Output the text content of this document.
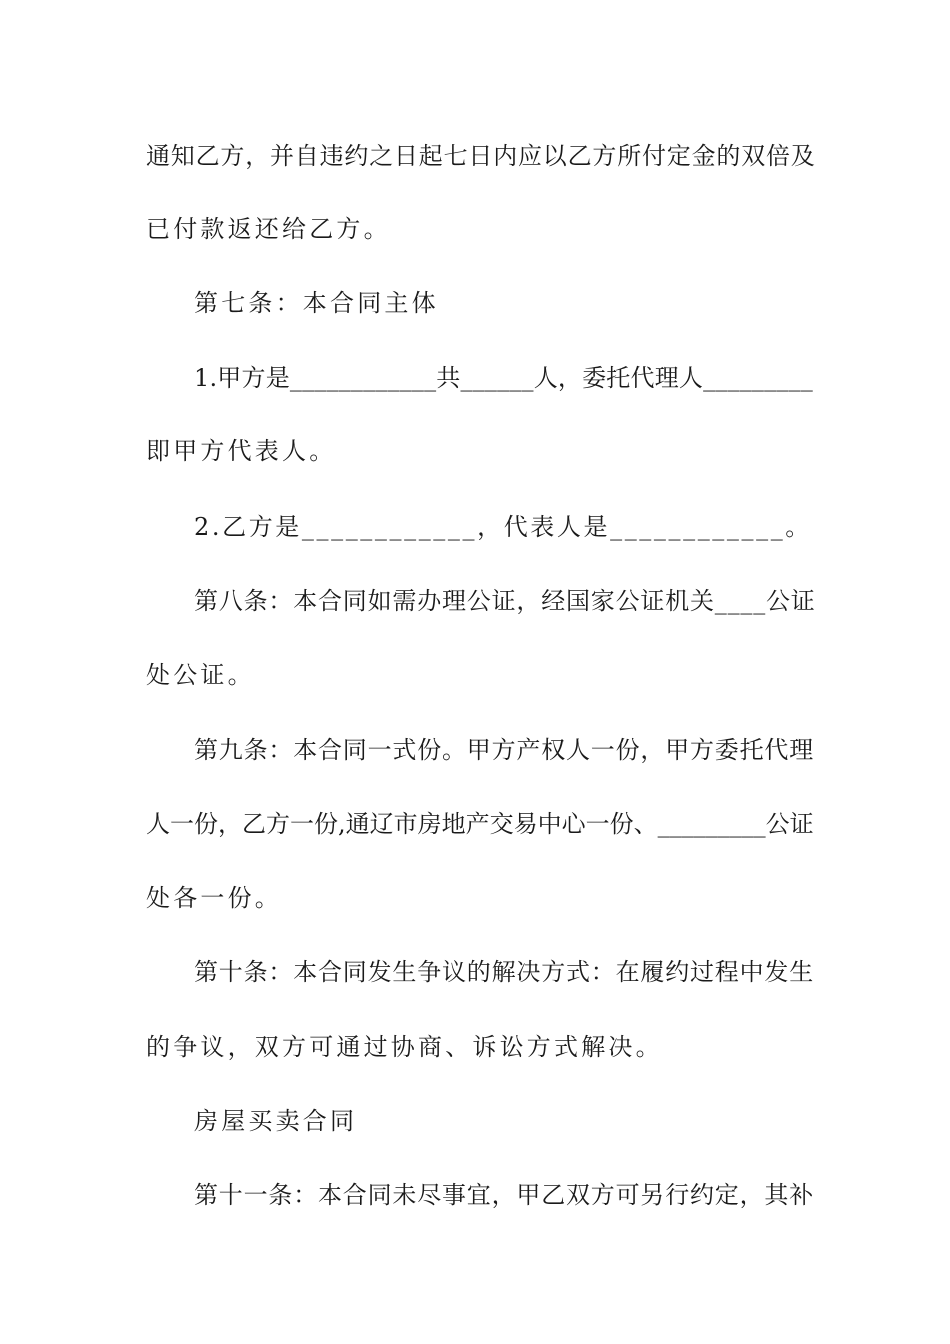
通知乙方，并自违约之日起七日内应以乙方所付定金的双倍及
已付款返还给乙方。
第七条：本合同主体
1.甲方是____________共______人，委托代理人_________
即甲方代表人。
2.乙方是____________，代表人是____________。
第八条：本合同如需办理公证，经国家公证机关____公证
处公证。
第九条：本合同一式份。甲方产权人一份，甲方委托代理
人一份，乙方一份,通辽市房地产交易中心一份、_________公证
处各一份。
第十条：本合同发生争议的解决方式：在履约过程中发生
的争议，双方可通过协商、诉讼方式解决。
房屋买卖合同
第十一条：本合同未尽事宜，甲乙双方可另行约定，其补
